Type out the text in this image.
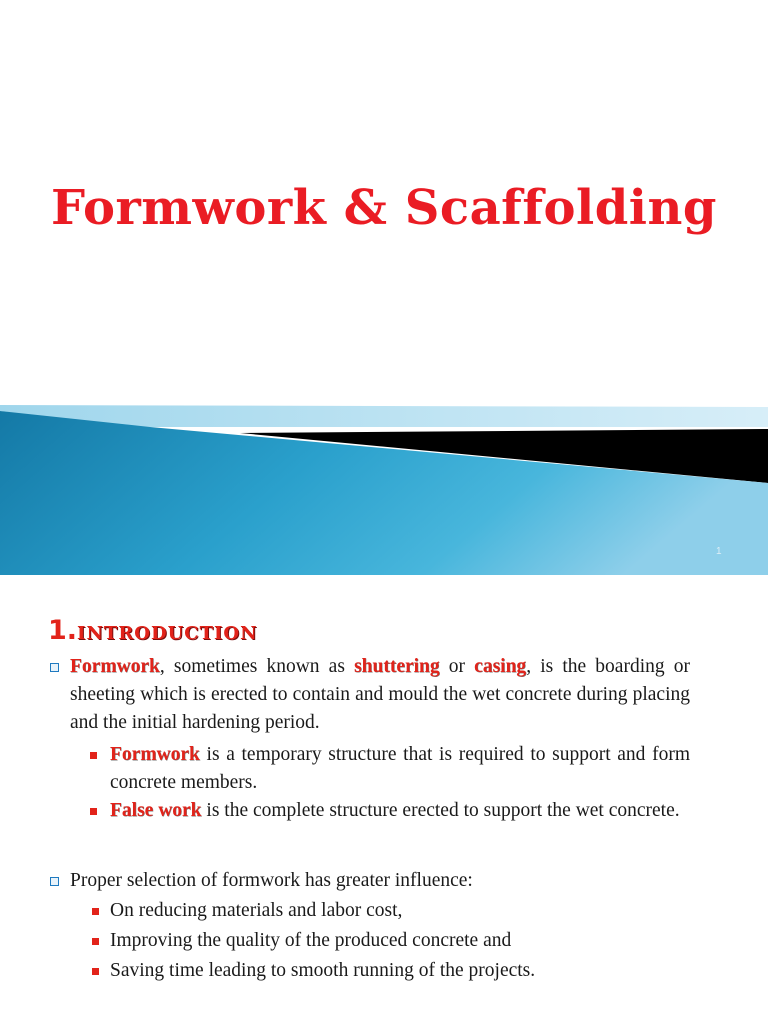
Formwork & Scaffolding
1
1.INTRODUCTION

Formwork, sometimes known as shuttering or casing, is the boarding or sheeting which is erected to contain and mould the wet concrete during placing and the initial hardening period.

Formwork is a temporary structure that is required to support and form concrete members.

False work is the complete structure erected to support the wet concrete.

Proper selection of formwork has greater influence:

On reducing materials and labor cost,

Improving the quality of the produced concrete and

Saving time leading to smooth running of the projects.
